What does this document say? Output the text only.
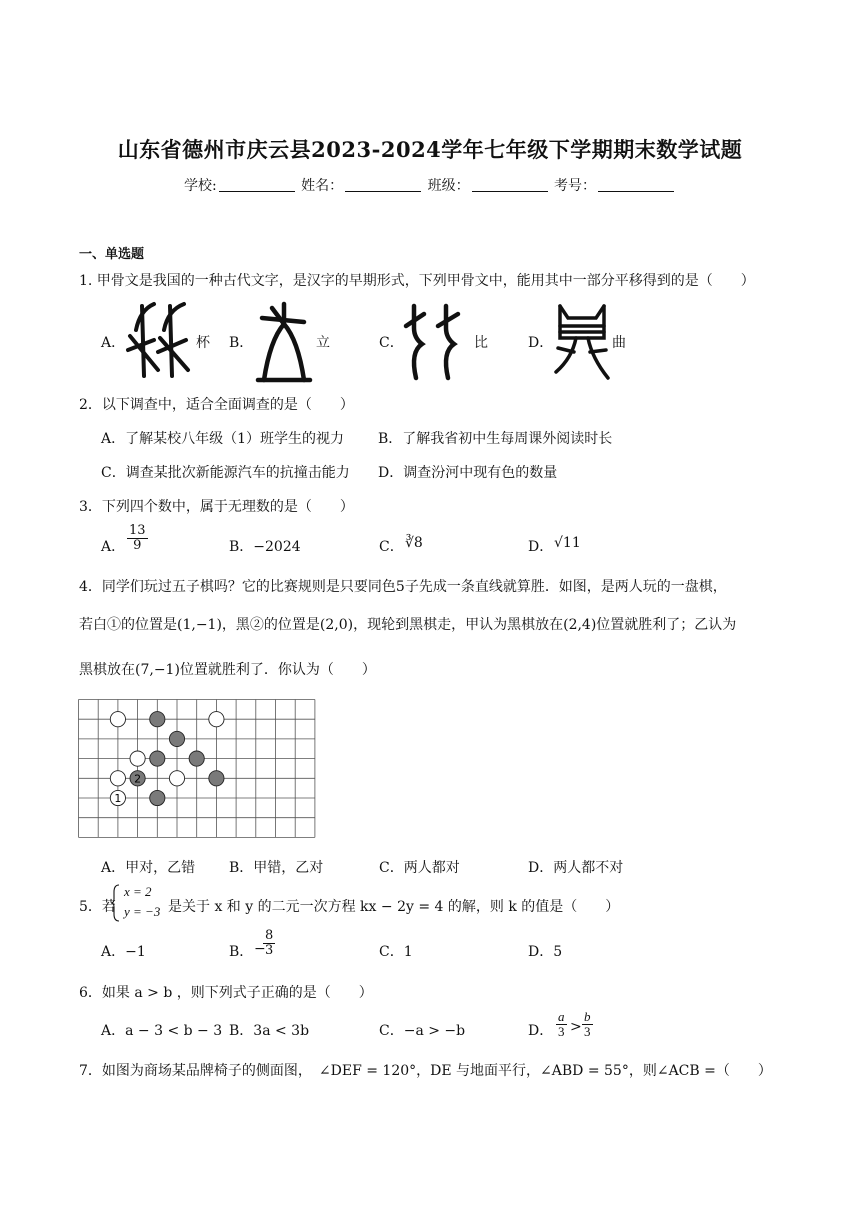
山东省德州市庆云县2023-2024学年七年级下学期期末数学试题
学校:	姓名：	班级：	考号：
一、单选题
1. 甲骨文是我国的一种古代文字，是汉字的早期形式，下列甲骨文中，能用其中一部分平移得到的是（　　）
A．	杯 B．	立	C．	比	D．	曲
2．以下调查中，适合全面调查的是（　　）
A．了解某校八年级（1）班学生的视力 B．了解我省初中生每周课外阅读时长
C．调查某批次新能源汽车的抗撞击能力 D．调查汾河中现有色的数量
3．下列四个数中，属于无理数的是（　　）
A． $\frac{13}{9}$	B．−2024	C． ∛8	D． √11
4．同学们玩过五子棋吗？它的比赛规则是只要同色5子先成一条直线就算胜．如图，是两人玩的一盘棋，
若白①的位置是(1,−1)，黑②的位置是(2,0)，现轮到黑棋走，甲认为黑棋放在(2,4)位置就胜利了；乙认为
黑棋放在(7,−1)位置就胜利了．你认为（　　）
1
2
A．甲对，乙错 B．甲错，乙对	C．两人都对	D．两人都不对
5．若
x = 2
y = −3 是关于 x 和 y 的二元一次方程 kx − 2y = 4 的解，则 k 的值是（　　）
A．−1	B． −
$\frac{8}{3}$	C．1	D．5
6．如果 a > b ，则下列式子正确的是（　　）
A．a − 3 < b − 3 B．3a < 3b	C．−a > −b	D． $\frac{a}{3} > \frac{b}{3}$
7．如图为商场某品牌椅子的侧面图，　∠DEF = 120°，DE 与地面平行，∠ABD = 55°，则∠ACB =（　　）
